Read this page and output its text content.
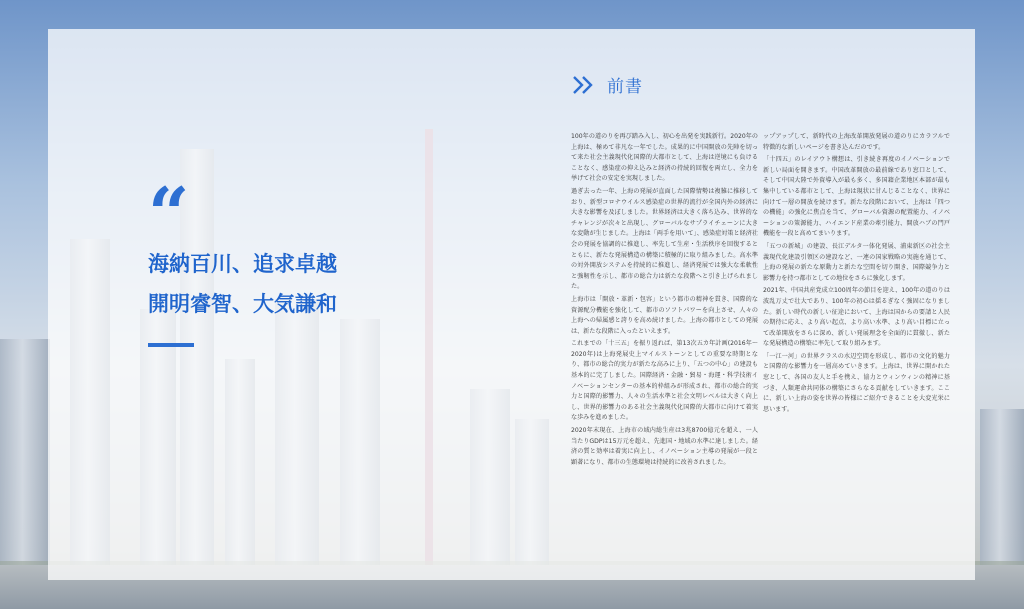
“
海納百川、追求卓越
開明睿智、大気謙和
前書

100年の道のりを再び踏み入し、初心を出発を実践新行。2020年の上海は、極めて非凡な一年でした。成果的に中国開放の先陣を切って来た社会主義現代化国際的大都市として、上海は逆境にも負けることなく、感染症の抑え込みと経済の持続的回復を両立し、全力を挙げて社会の安定を実現しました。

過ぎ去った一年、上海の発展が直面した国際情勢は複雑に推移しており、新型コロナウイルス感染症の世界的流行が全国内外の経済に大きな影響を及ぼしました。世界経済は大きく落ち込み、世界的なチャレンジが次々と出現し、グローバルなサプライチェーンに大きな変動が生じました。上海は「両手を用いて」、感染症対策と経済社会の発展を協調的に推進し、率先して生産・生活秩序を回復するとともに、新たな発展構造の構築に積極的に取り組みました。高水準の対外開放システムを持続的に推進し、経済発展では強大な柔軟性と強靭性を示し、都市の総合力は新たな段階へと引き上げられました。

上海市は「開放・革新・包容」という都市の精神を貫き、国際的な資源配分機能を強化して、都市のソフトパワーを向上させ、人々の上海への帰属感と誇りを高め続けました。上海の都市としての発展は、新たな段階に入ったといえます。

これまでの「十三五」を振り返れば、第13次五カ年計画(2016年〜2020年)は上海発展史上マイルストーンとしての重要な時期となり、都市の総合的実力が新たな高みに上り、「五つの中心」の建設も基本的に完了しました。国際経済・金融・貿易・海運・科学技術イノベーションセンターの基本的枠組みが形成され、都市の総合的実力と国際的影響力、人々の生活水準と社会文明レベルは大きく向上し、世界的影響力のある社会主義現代化国際的大都市に向けて着実な歩みを進めました。

2020年末現在、上海市の域内総生産は3兆8700億元を超え、一人当たりGDPは15万元を超え、先進国・地域の水準に達しました。経済の質と効率は着実に向上し、イノベーション主導の発展が一段と顕著になり、都市の生態環境は持続的に改善されました。

ップアップして、新時代の上海改革開放発展の道のりにカラフルで特徴的な新しいページを書き込んだのです。

「十四五」のレイアウト構想は、引き続き再度のイノベーションで新しい局面を開きます。中国改革開放の最前線であり窓口として、そして中国大陸で外資導入が最も多く、多国籍企業地区本部が最も集中している都市として、上海は現状に甘んじることなく、世界に向けて一層の開放を続けます。新たな段階において、上海は「四つの機能」の強化に焦点を当て、グローバル資源の配置能力、イノベーションの策源能力、ハイエンド産業の牽引能力、開放ハブの門戸機能を一段と高めてまいります。

「五つの新城」の建設、長江デルタ一体化発展、浦東新区の社会主義現代化建設引領区の建設など、一連の国家戦略の実施を通じて、上海の発展の新たな原動力と新たな空間を切り開き、国際競争力と影響力を持つ都市としての地位をさらに強化します。

2021年、中国共産党成立100周年の節目を迎え、100年の道のりは波乱万丈で壮大であり、100年の初心は揺るぎなく強固になりました。新しい時代の新しい征途において、上海は国からの要請と人民の期待に応え、より高い起点、より高い水準、より高い目標に立って改革開放をさらに深め、新しい発展理念を全面的に貫徹し、新たな発展構造の構築に率先して取り組みます。

「一江一河」の世界クラスの水辺空間を形成し、都市の文化的魅力と国際的な影響力を一層高めていきます。上海は、世界に開かれた窓として、各国の友人と手を携え、協力とウィンウィンの精神に基づき、人類運命共同体の構築にさらなる貢献をしていきます。ここに、新しい上海の姿を世界の皆様にご紹介できることを大変光栄に思います。
